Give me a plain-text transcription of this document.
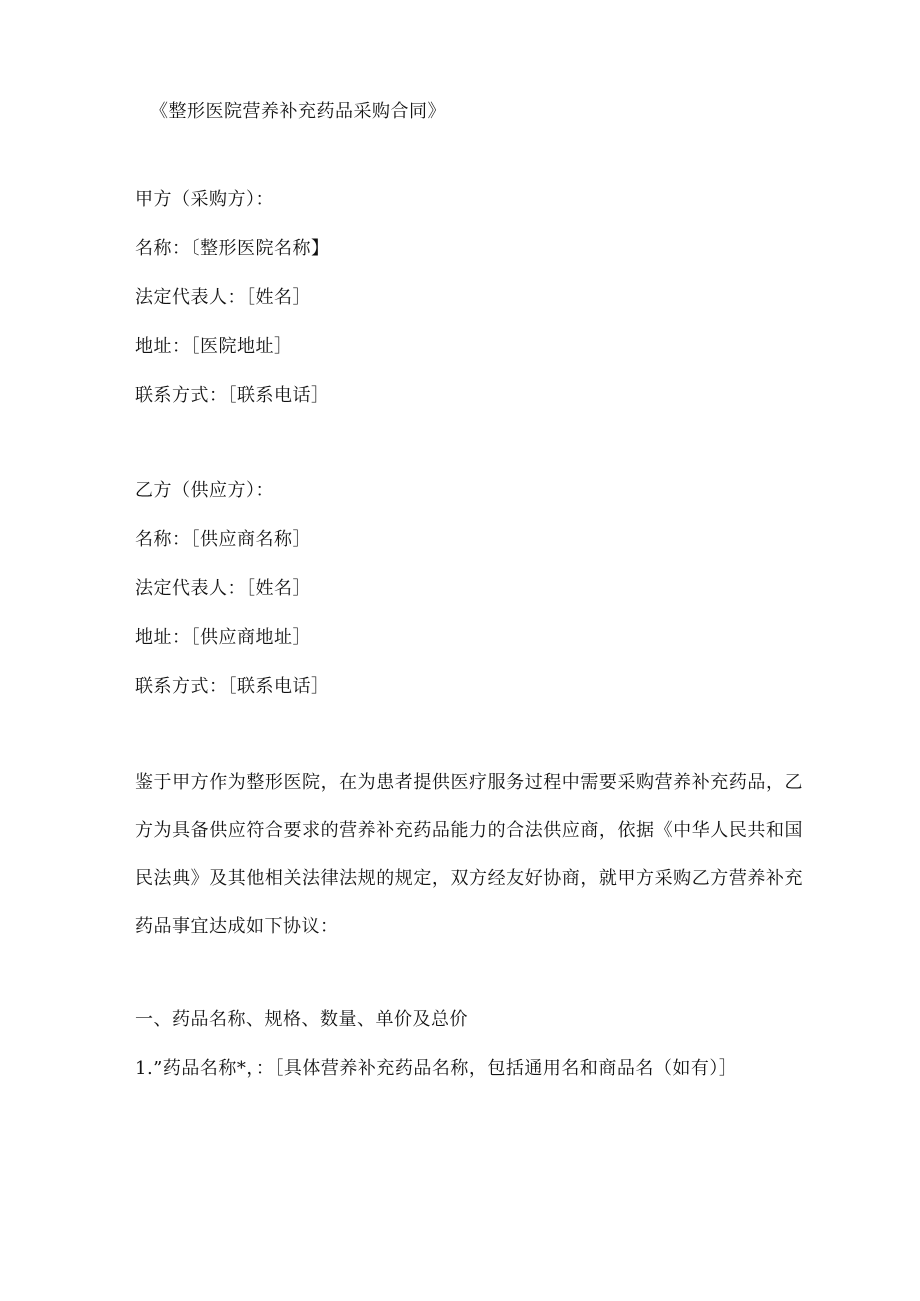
《整形医院营养补充药品采购合同》
甲方（采购方）：
名称：〔整形医院名称】
法定代表人：［姓名］
地址：［医院地址］
联系方式：［联系电话］
乙方（供应方）：
名称：［供应商名称］
法定代表人：［姓名］
地址：［供应商地址］
联系方式：［联系电话］
鉴于甲方作为整形医院，在为患者提供医疗服务过程中需要采购营养补充药品，乙方为具备供应符合要求的营养补充药品能力的合法供应商，依据《中华人民共和国民法典》及其他相关法律法规的规定，双方经友好协商，就甲方采购乙方营养补充药品事宜达成如下协议：
一、药品名称、规格、数量、单价及总价
1.”药品名称*，：［具体营养补充药品名称，包括通用名和商品名（如有）］
